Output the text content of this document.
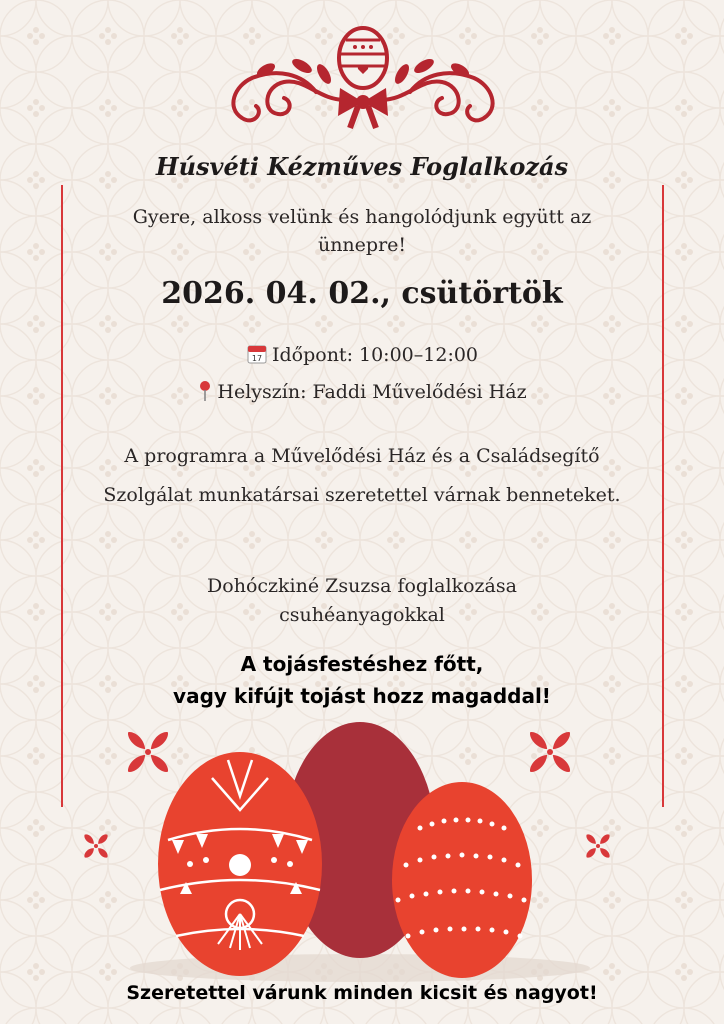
Húsvéti Kézműves Foglalkozás
Gyere, alkoss velünk és hangolódjunk együtt az ünnepre!
2026. 04. 02., csütörtök
17 Időpont: 10:00–12:00
Helyszín: Faddi Művelődési Ház
A programra a Művelődési Ház és a Családsegítő Szolgálat munkatársai szeretettel várnak benneteket.
Dohóczkiné Zsuzsa foglalkozása csuhéanyagokkal
A tojásfestéshez főtt,
vagy kifújt tojást hozz magaddal!
Szeretettel várunk minden kicsit és nagyot!
